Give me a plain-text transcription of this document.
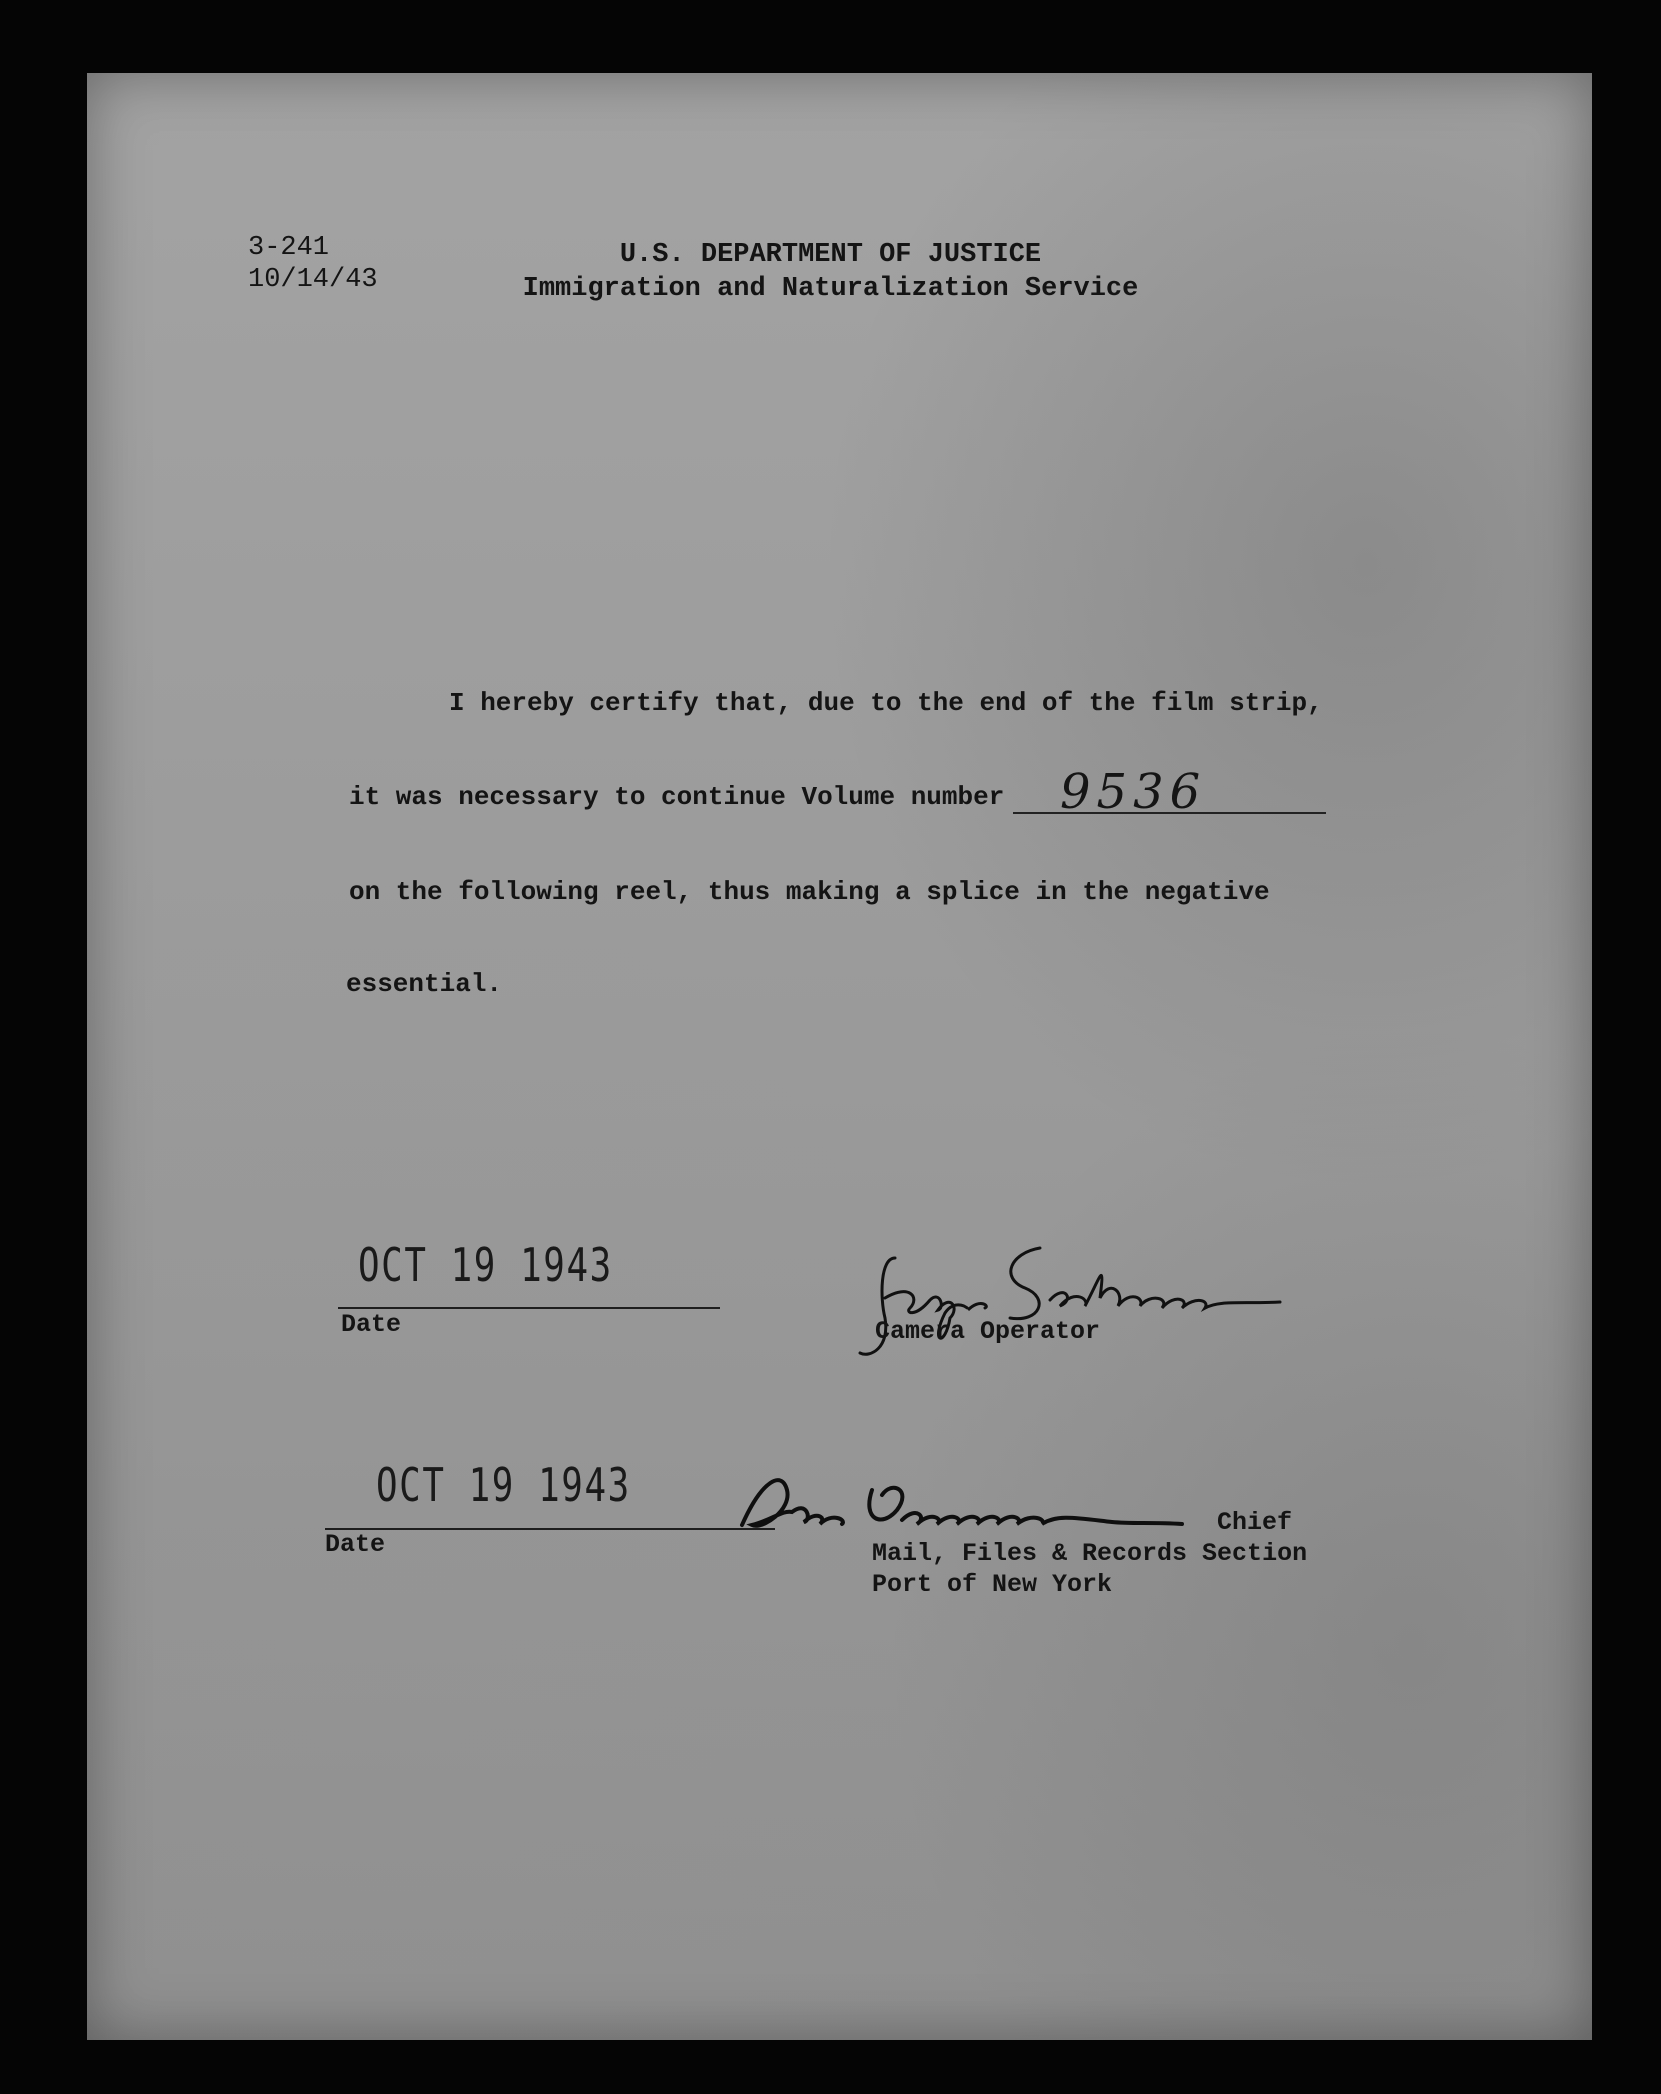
3-241
10/14/43
U.S. DEPARTMENT OF JUSTICE
Immigration and Naturalization Service
I hereby certify that, due to the end of the film strip,
it was necessary to continue Volume number 9536
on the following reel, thus making a splice in the negative
essential.
OCT 19 1943
Date	Camera Operator
OCT 19 1943
Date
Chief
Mail, Files & Records Section
Port of New York
